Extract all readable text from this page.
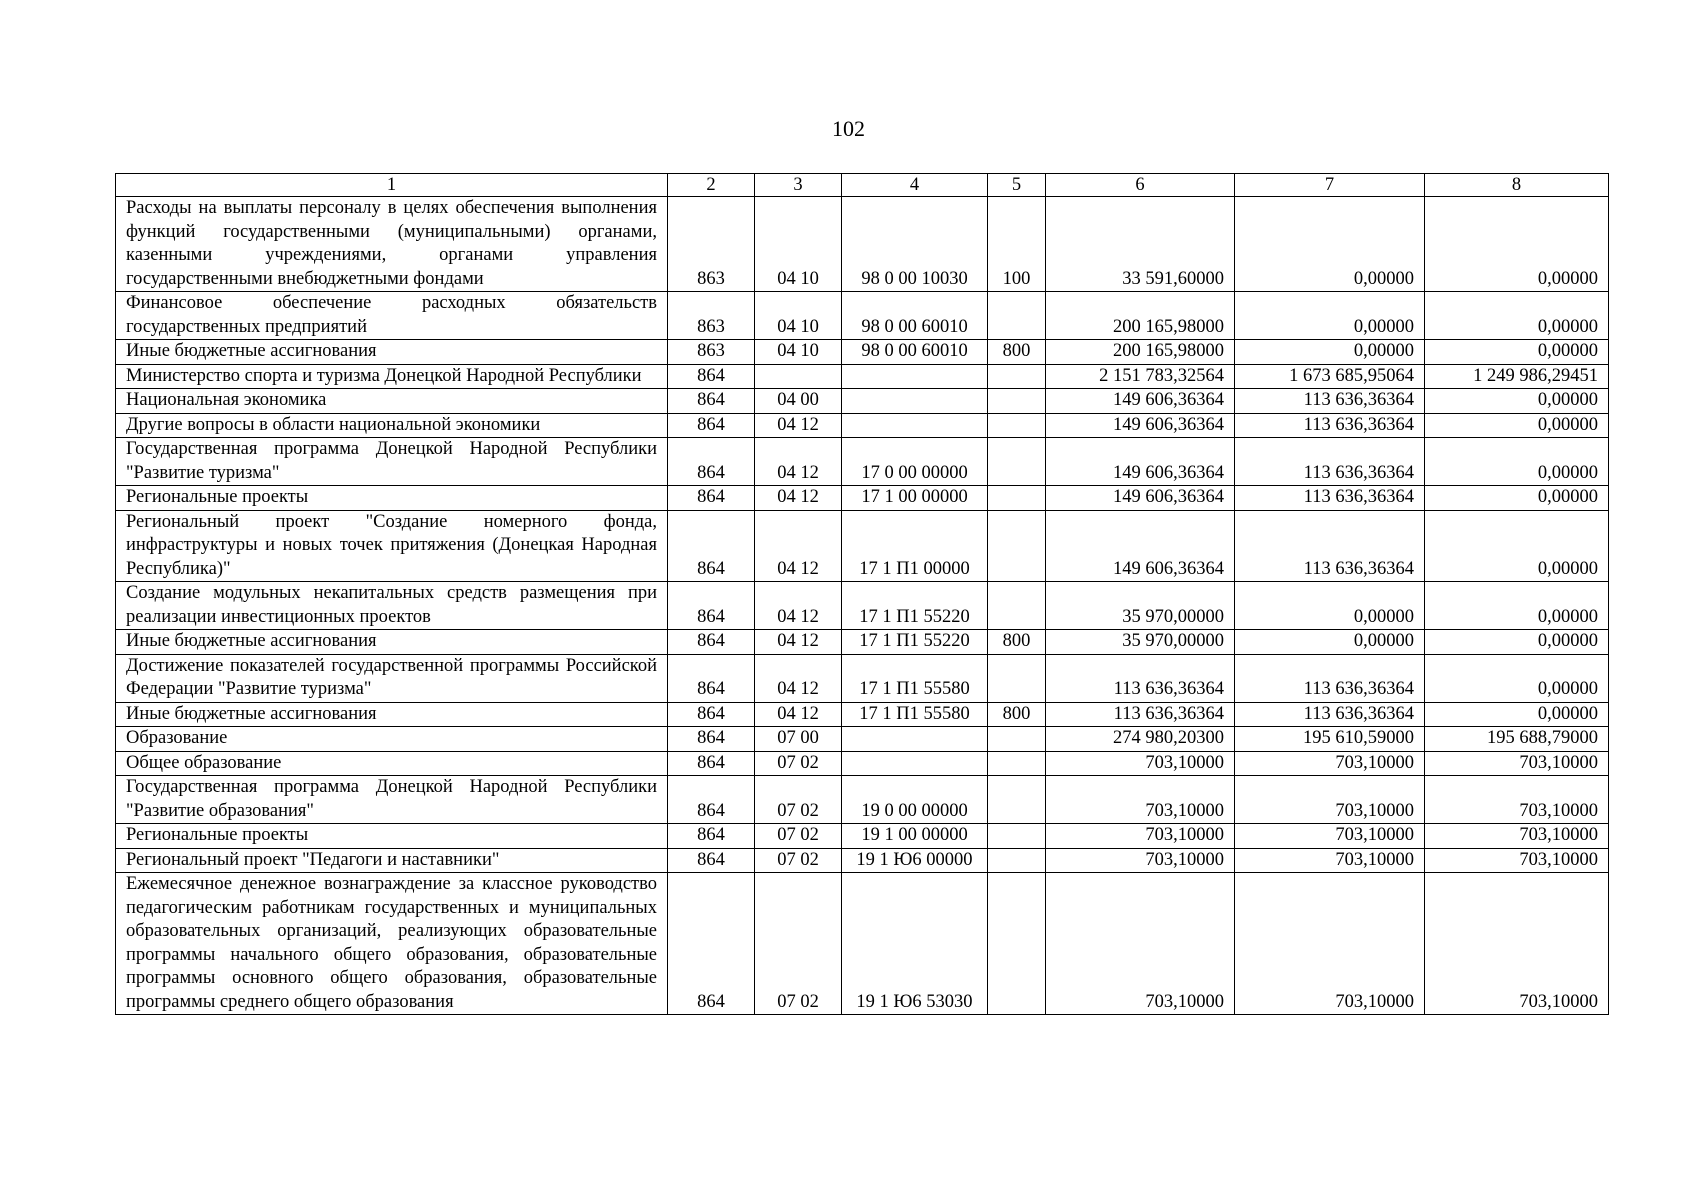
102
1	2	3	4	5	6	7	8
Расходы на выплаты персоналу в целях обеспечения выполнения функций государственными (муниципальными) органами, казенными учреждениями, органами управления государственными внебюджетными фондами	863	04 10	98 0 00 10030	100	33 591,60000	0,00000	0,00000
Финансовое обеспечение расходных обязательств государственных предприятий	863	04 10	98 0 00 60010		200 165,98000	0,00000	0,00000
Иные бюджетные ассигнования	863	04 10	98 0 00 60010	800	200 165,98000	0,00000	0,00000
Министерство спорта и туризма Донецкой Народной Республики	864				2 151 783,32564	1 673 685,95064	1 249 986,29451
Национальная экономика	864	04 00			149 606,36364	113 636,36364	0,00000
Другие вопросы в области национальной экономики	864	04 12			149 606,36364	113 636,36364	0,00000
Государственная программа Донецкой Народной Республики "Развитие туризма"	864	04 12	17 0 00 00000		149 606,36364	113 636,36364	0,00000
Региональные проекты	864	04 12	17 1 00 00000		149 606,36364	113 636,36364	0,00000
Региональный проект "Создание номерного фонда, инфраструктуры и новых точек притяжения (Донецкая Народная Республика)"	864	04 12	17 1 П1 00000		149 606,36364	113 636,36364	0,00000
Создание модульных некапитальных средств размещения при реализации инвестиционных проектов	864	04 12	17 1 П1 55220		35 970,00000	0,00000	0,00000
Иные бюджетные ассигнования	864	04 12	17 1 П1 55220	800	35 970,00000	0,00000	0,00000
Достижение показателей государственной программы Российской Федерации "Развитие туризма"	864	04 12	17 1 П1 55580		113 636,36364	113 636,36364	0,00000
Иные бюджетные ассигнования	864	04 12	17 1 П1 55580	800	113 636,36364	113 636,36364	0,00000
Образование	864	07 00			274 980,20300	195 610,59000	195 688,79000
Общее образование	864	07 02			703,10000	703,10000	703,10000
Государственная программа Донецкой Народной Республики "Развитие образования"	864	07 02	19 0 00 00000		703,10000	703,10000	703,10000
Региональные проекты	864	07 02	19 1 00 00000		703,10000	703,10000	703,10000
Региональный проект "Педагоги и наставники"	864	07 02	19 1 Ю6 00000		703,10000	703,10000	703,10000
Ежемесячное денежное вознаграждение за классное руководство педагогическим работникам государственных и муниципальных образовательных организаций, реализующих образовательные программы начального общего образования, образовательные программы основного общего образования, образовательные программы среднего общего образования	864	07 02	19 1 Ю6 53030		703,10000	703,10000	703,10000
